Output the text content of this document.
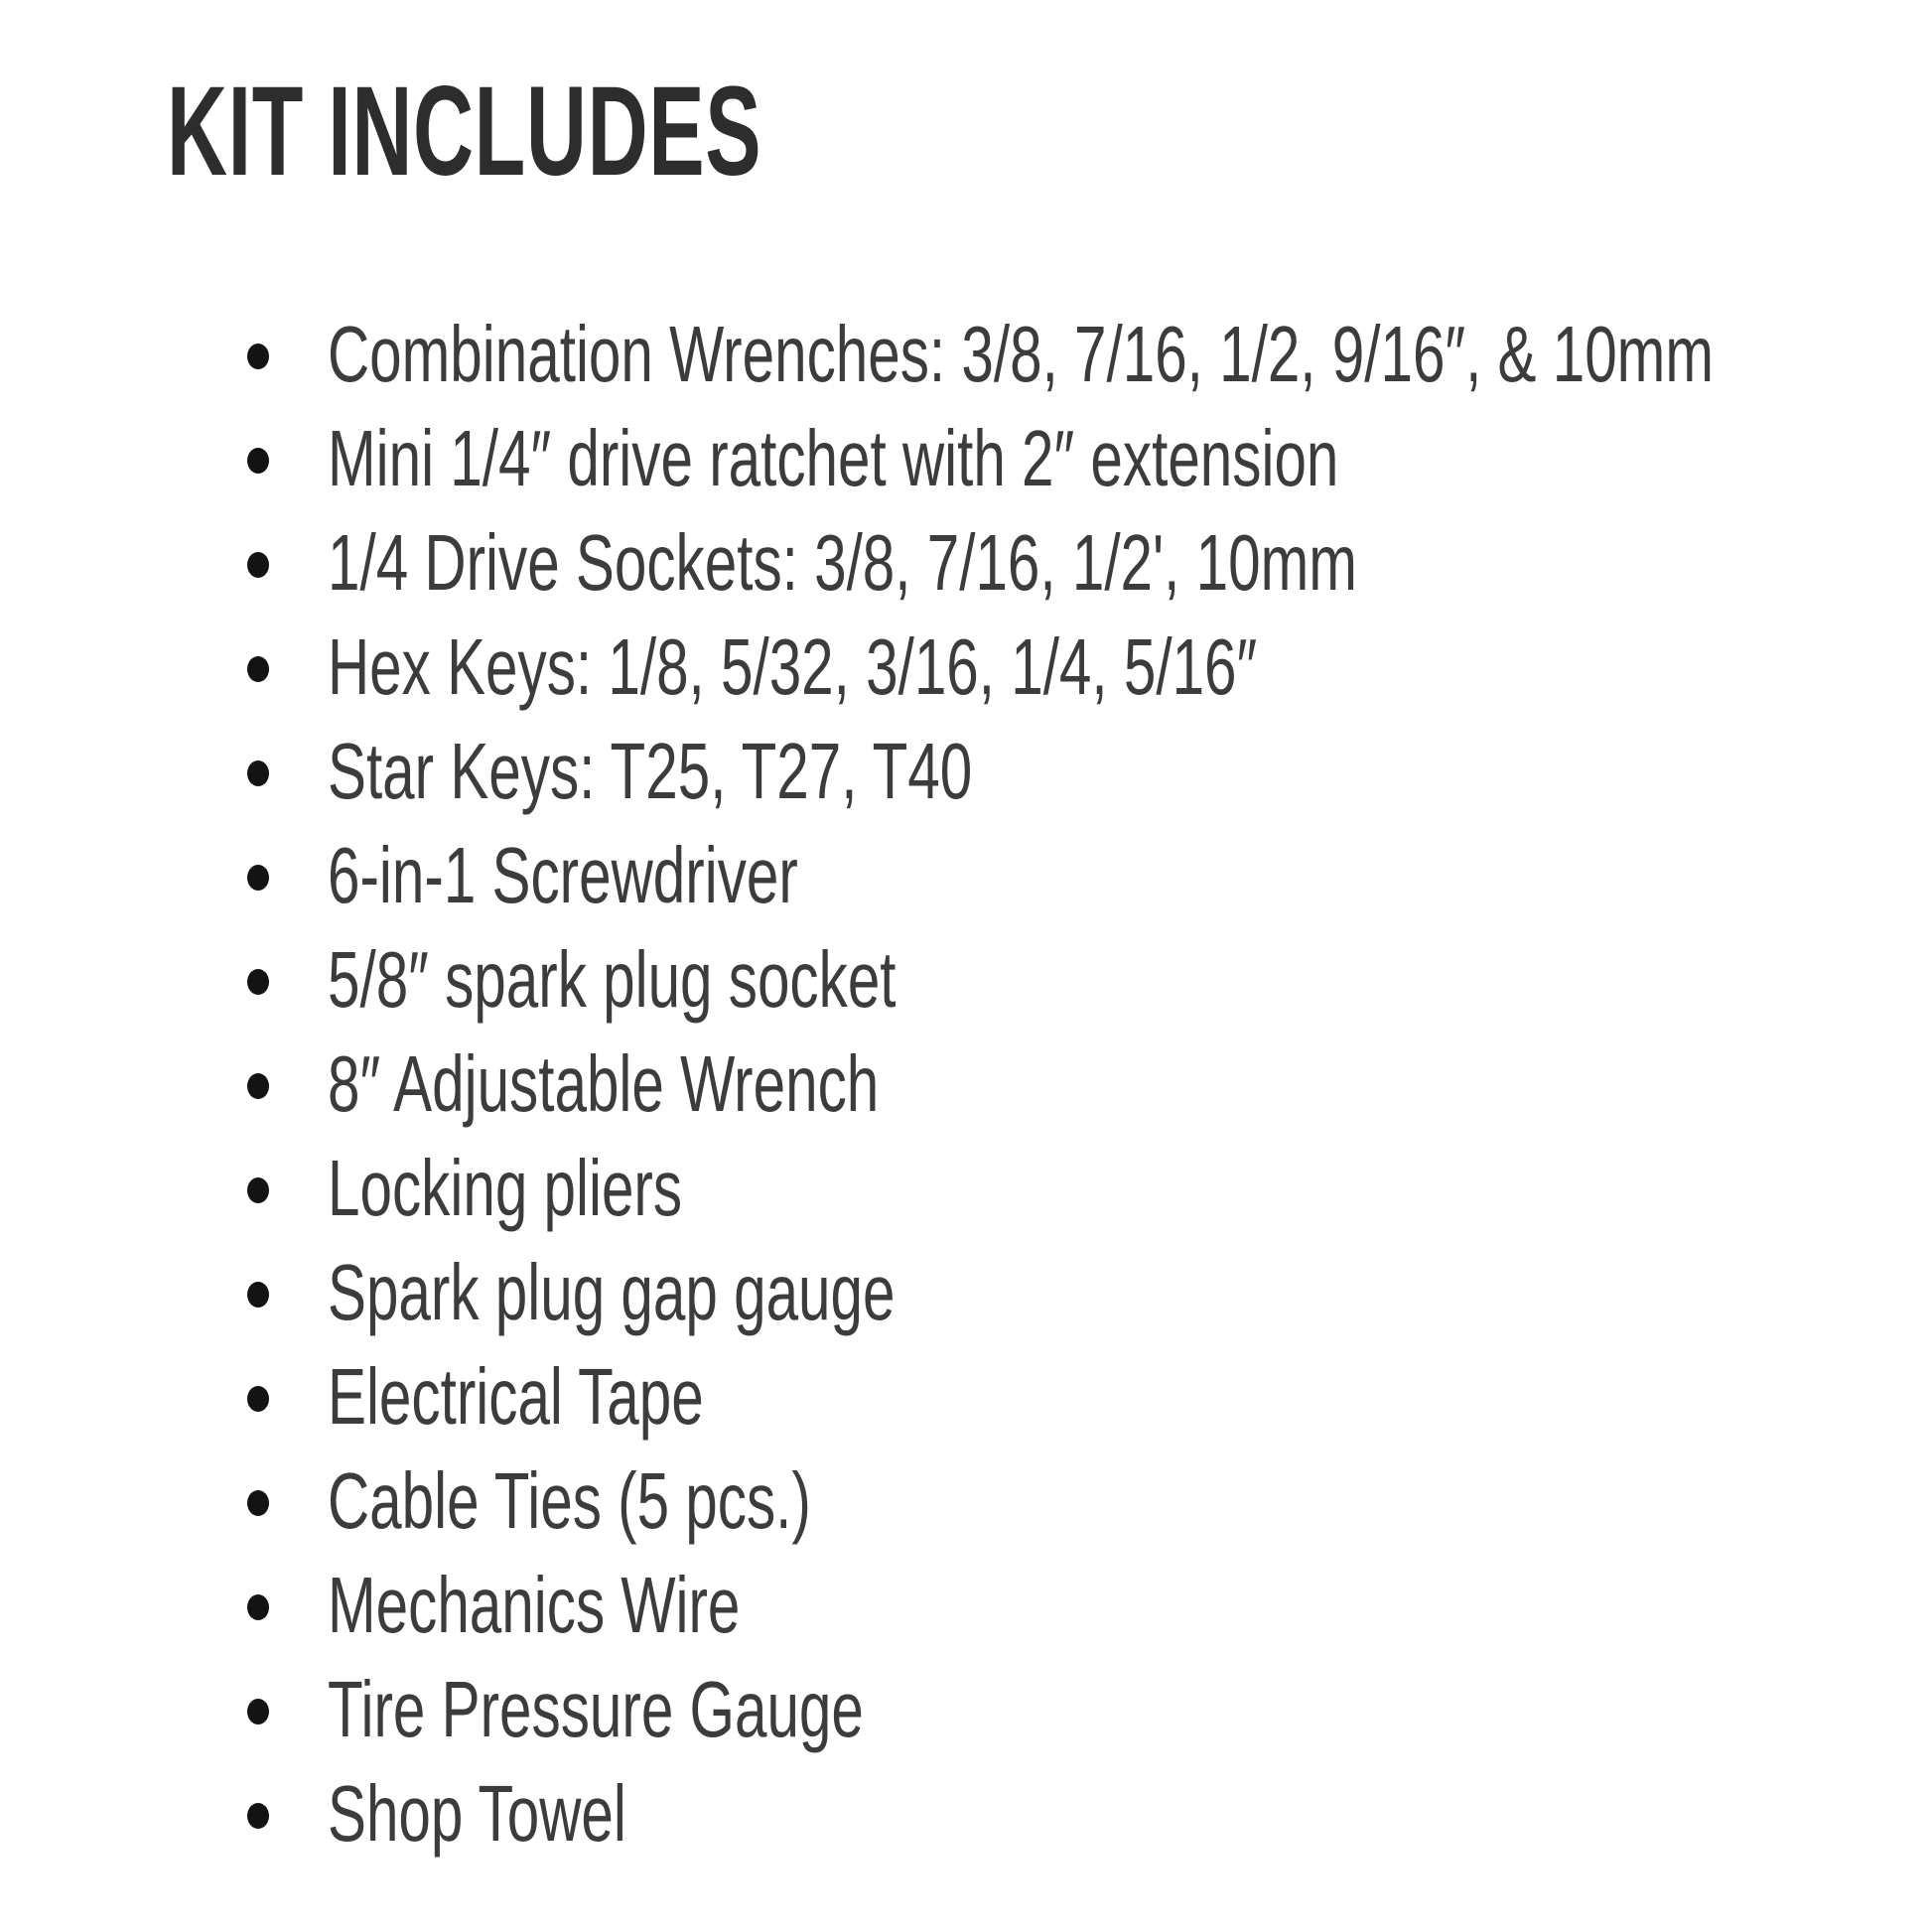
KIT INCLUDES
Combination Wrenches: 3/8, 7/16, 1/2, 9/16″, & 10mm
Mini 1/4″ drive ratchet with 2″ extension
1/4 Drive Sockets: 3/8, 7/16, 1/2', 10mm
Hex Keys: 1/8, 5/32, 3/16, 1/4, 5/16″
Star Keys: T25, T27, T40
6-in-1 Screwdriver
5/8″ spark plug socket
8″ Adjustable Wrench
Locking pliers
Spark plug gap gauge
Electrical Tape
Cable Ties (5 pcs.)
Mechanics Wire
Tire Pressure Gauge
Shop Towel
